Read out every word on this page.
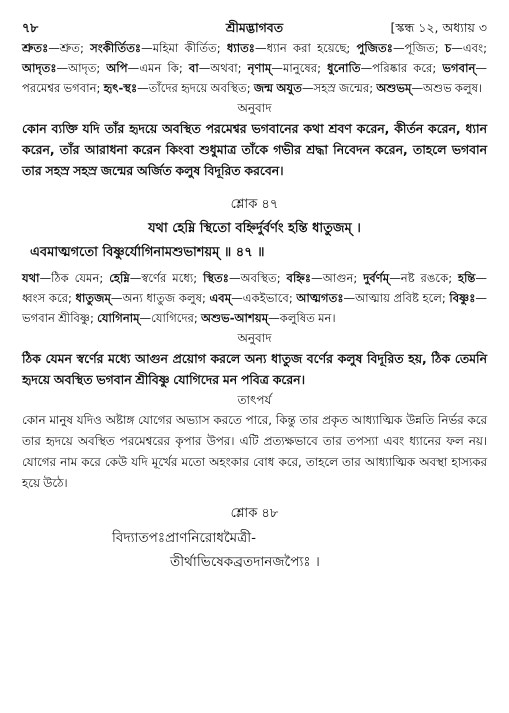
৭৮	শ্রীমদ্ভাগবত	[স্কন্ধ ১২, অধ্যায় ৩

শ্রুতঃ—শ্রুত; সংকীর্তিতঃ—মহিমা কীর্তিত; ধ্যাতঃ—ধ্যান করা হয়েছে; পুজিতঃ—পূজিত; চ—এবং; আদৃতঃ—আদৃত; অপি—এমন কি; বা—অথবা; নৃণাম্—মানুষের; ধুনোতি—পরিষ্কার করে; ভগবান্—পরমেশ্বর ভগবান; হৃৎ-স্থঃ—তাঁদের হৃদয়ে অবস্থিত; জন্ম অযুত—সহস্র জন্মের; অশুভম্—অশুভ কলুষ।

অনুবাদ

কোন ব্যক্তি যদি তাঁর হৃদয়ে অবস্থিত পরমেশ্বর ভগবানের কথা শ্রবণ করেন, কীর্তন করেন, ধ্যান করেন, তাঁর আরাধনা করেন কিংবা শুধুমাত্র তাঁকে গভীর শ্রদ্ধা নিবেদন করেন, তাহলে ভগবান তার সহস্র সহস্র জন্মের অর্জিত কলুষ বিদূরিত করবেন।

শ্লোক ৪৭

যথা হেম্নি স্থিতো বহ্নির্দুর্বর্ণং হন্তি ধাতুজম্ ।

এবমাত্মগতো বিষ্ণুর্যোগিনামশুভাশয়ম্ ॥ ৪৭ ॥

যথা—ঠিক যেমন; হেম্নি—স্বর্ণের মধ্যে; স্থিতঃ—অবস্থিত; বহ্নিঃ—আগুন; দুর্বর্ণম্—নষ্ট রঙকে; হন্তি—ধ্বংস করে; ধাতুজম্—অন্য ধাতুজ কলুষ; এবম্—একইভাবে; আত্মগতঃ—আত্মায় প্রবিষ্ট হলে; বিষ্ণুঃ—ভগবান শ্রীবিষ্ণু; যোগিনাম্—যোগিদের; অশুভ-আশয়ম্—কলুষিত মন।

অনুবাদ

ঠিক যেমন স্বর্ণের মধ্যে আগুন প্রয়োগ করলে অন্য ধাতুজ বর্ণের কলুষ বিদূরিত হয়, ঠিক তেমনি হৃদয়ে অবস্থিত ভগবান শ্রীবিষ্ণু যোগিদের মন পবিত্র করেন।

তাৎপর্য

কোন মানুষ যদিও অষ্টাঙ্গ যোগের অভ্যাস করতে পারে, কিন্তু তার প্রকৃত আধ্যাত্মিক উন্নতি নির্ভর করে তার হৃদয়ে অবস্থিত পরমেশ্বরের কৃপার উপর। এটি প্রত্যক্ষভাবে তার তপস্যা এবং ধ্যানের ফল নয়। যোগের নাম করে কেউ যদি মূর্খের মতো অহংকার বোধ করে, তাহলে তার আধ্যাত্মিক অবস্থা হাস্যকর হয়ে উঠে।

শ্লোক ৪৮

বিদ্যাতপঃপ্রাণনিরোধমৈত্রী-

তীর্থাভিষেকব্রতদানজপ্যৈঃ ।
